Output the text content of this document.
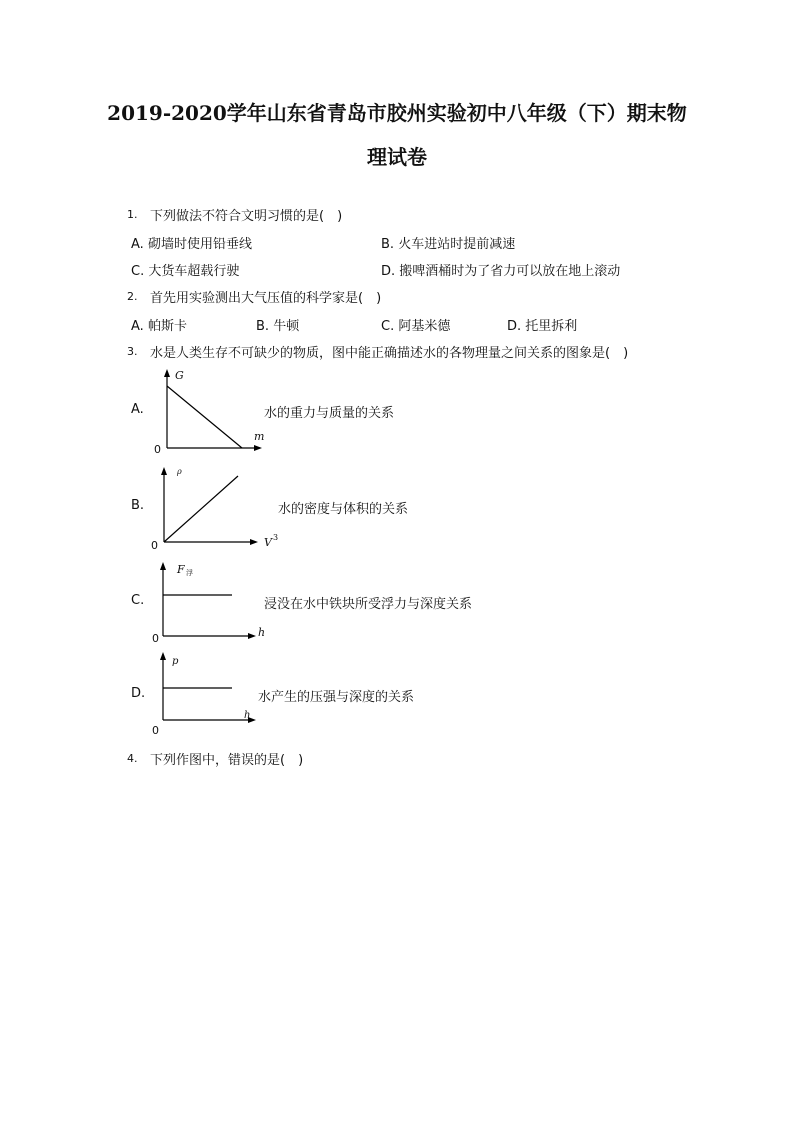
2019-2020学年山东省青岛市胶州实验初中八年级（下）期末物
理试卷
1. 下列做法不符合文明习惯的是(　)
A. 砌墙时使用铅垂线	B. 火车进站时提前减速
C. 大货车超载行驶	D. 搬啤酒桶时为了省力可以放在地上滚动
2. 首先用实验测出大气压值的科学家是(　)
A. 帕斯卡	B. 牛顿	C. 阿基米德	D. 托里拆利
3. 水是人类生存不可缺少的物质，图中能正确描述水的各物理量之间关系的图象是(　)
A.
G
m
0
水的重力与质量的关系
B.
ρ
V 3
0
水的密度与体积的关系
C.
F 浮
h
0
浸没在水中铁块所受浮力与深度关系
D.
p
h
0
水产生的压强与深度的关系
4. 下列作图中，错误的是(　)
